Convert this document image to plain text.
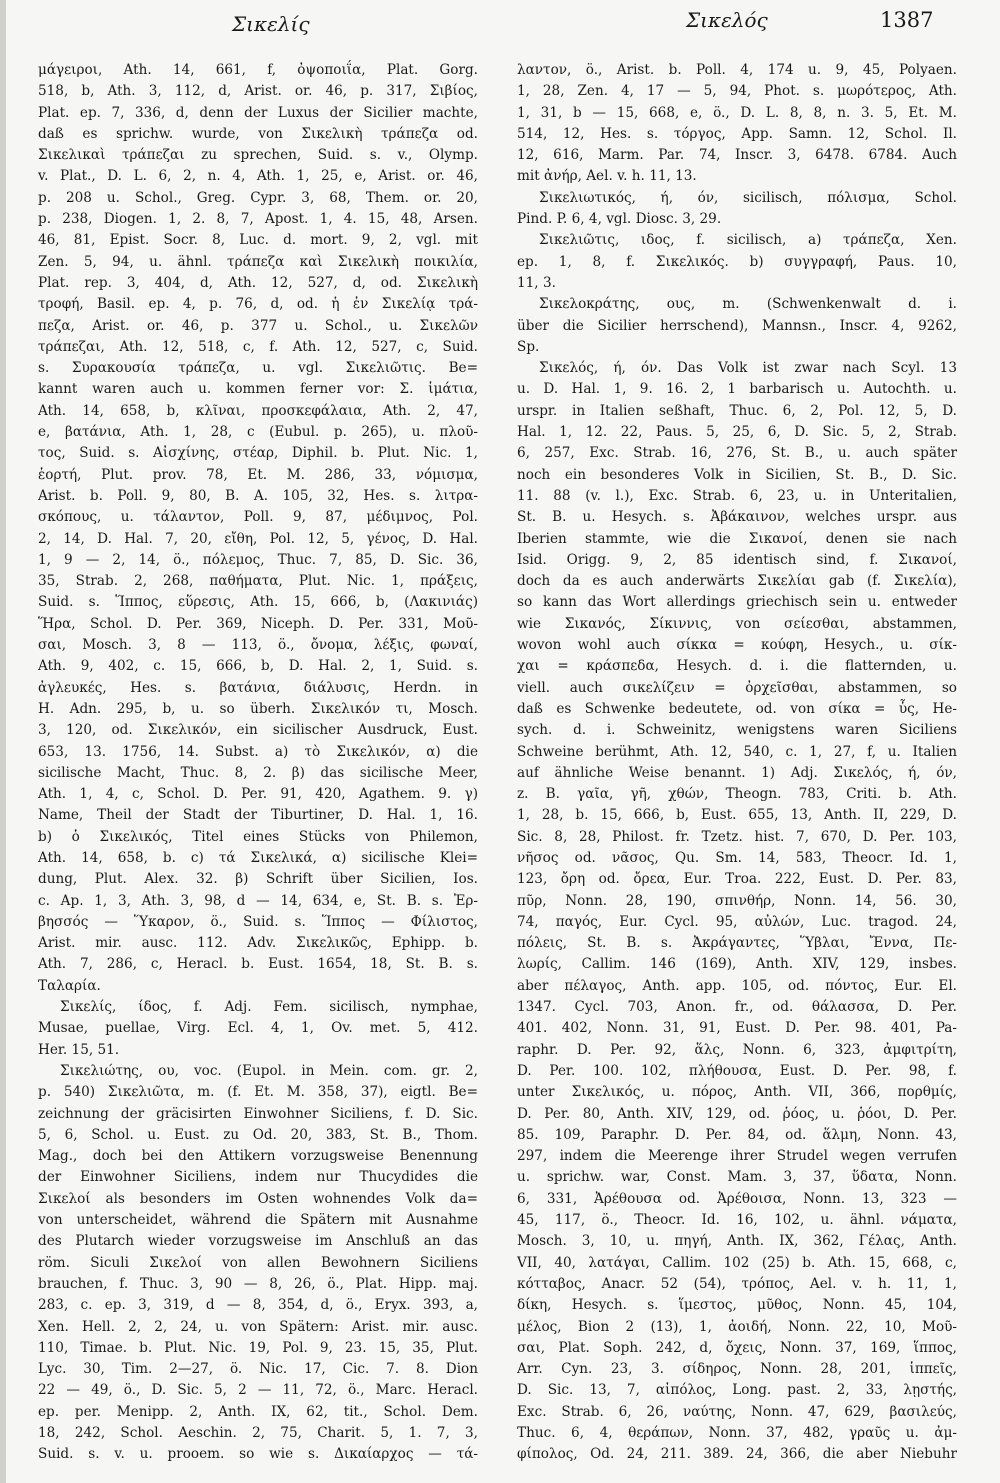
Σικελίς	Σικελός	1387
μάγειροι, Ath. 14, 661, f, ὀψοποιΐα, Plat. Gorg.
518, b, Ath. 3, 112, d, Arist. or. 46, p. 317, Σιβίος,
Plat. ep. 7, 336, d, denn der Luxus der Sicilier machte,
daß es sprichw. wurde, von Σικελικὴ τράπεζα od.
Σικελικαὶ τράπεζαι zu sprechen, Suid. s. v., Olymp.
v. Plat., D. L. 6, 2, n. 4, Ath. 1, 25, e, Arist. or. 46,
p. 208 u. Schol., Greg. Cypr. 3, 68, Them. or. 20,
p. 238, Diogen. 1, 2. 8, 7, Apost. 1, 4. 15, 48, Arsen.
46, 81, Epist. Socr. 8, Luc. d. mort. 9, 2, vgl. mit
Zen. 5, 94, u. ähnl. τράπεζα καὶ Σικελικὴ ποικιλία,
Plat. rep. 3, 404, d, Ath. 12, 527, d, od. Σικελικὴ
τροφή, Basil. ep. 4, p. 76, d, od. ἡ ἐν Σικελίᾳ τρά-
πεζα, Arist. or. 46, p. 377 u. Schol., u. Σικελῶν
τράπεζαι, Ath. 12, 518, c, f. Ath. 12, 527, c, Suid.
s. Συρακουσία τράπεζα, u. vgl. Σικελιῶτις. Be=
kannt waren auch u. kommen ferner vor: Σ. ἱμάτια,
Ath. 14, 658, b, κλῖναι, προσκεφάλαια, Ath. 2, 47,
e, βατάνια, Ath. 1, 28, c (Eubul. p. 265), u. πλοῦ-
τος, Suid. s. Αἰσχίνης, στέαρ, Diphil. b. Plut. Nic. 1,
ἑορτή, Plut. prov. 78, Et. M. 286, 33, νόμισμα,
Arist. b. Poll. 9, 80, B. A. 105, 32, Hes. s. λιτρα-
σκόπους, u. τάλαντον, Poll. 9, 87, μέδιμνος, Pol.
2, 14, D. Hal. 7, 20, εἴθη, Pol. 12, 5, γένος, D. Hal.
1, 9 — 2, 14, ö., πόλεμος, Thuc. 7, 85, D. Sic. 36,
35, Strab. 2, 268, παθήματα, Plut. Nic. 1, πράξεις,
Suid. s. Ἵππος, εὕρεσις, Ath. 15, 666, b, (Λακινιάς)
Ἥρα, Schol. D. Per. 369, Niceph. D. Per. 331, Μοῦ-
σαι, Mosch. 3, 8 — 113, ö., ὄνομα, λέξις, φωναί,
Ath. 9, 402, c. 15, 666, b, D. Hal. 2, 1, Suid. s.
ἀγλευκές, Hes. s. βατάνια, διάλυσις, Herdn. in
H. Adn. 295, b, u. so überh. Σικελικόν τι, Mosch.
3, 120, od. Σικελικόν, ein sicilischer Ausdruck, Eust.
653, 13. 1756, 14. Subst. a) τὸ Σικελικόν, α) die
sicilische Macht, Thuc. 8, 2. β) das sicilische Meer,
Ath. 1, 4, c, Schol. D. Per. 91, 420, Agathem. 9. γ)
Name, Theil der Stadt der Tiburtiner, D. Hal. 1, 16.
b) ὁ Σικελικός, Titel eines Stücks von Philemon,
Ath. 14, 658, b. c) τά Σικελικά, α) sicilische Klei=
dung, Plut. Alex. 32. β) Schrift über Sicilien, Ios.
c. Ap. 1, 3, Ath. 3, 98, d — 14, 634, e, St. B. s. Ἐρ-
βησσός — Ὕκαρον, ö., Suid. s. Ἵππος — Φίλιστος,
Arist. mir. ausc. 112. Adv. Σικελικῶς, Ephipp. b.
Ath. 7, 286, c, Heracl. b. Eust. 1654, 18, St. B. s.
Ταλαρία.
Σικελίς, ίδος, f. Adj. Fem. sicilisch, nymphae,
Musae, puellae, Virg. Ecl. 4, 1, Ov. met. 5, 412.
Her. 15, 51.
Σικελιώτης, ου, voc. (Eupol. in Mein. com. gr. 2,
p. 540) Σικελιῶτα, m. (f. Et. M. 358, 37), eigtl. Be=
zeichnung der gräcisirten Einwohner Siciliens, f. D. Sic.
5, 6, Schol. u. Eust. zu Od. 20, 383, St. B., Thom.
Mag., doch bei den Attikern vorzugsweise Benennung
der Einwohner Siciliens, indem nur Thucydides die
Σικελοί als besonders im Osten wohnendes Volk da=
von unterscheidet, während die Spätern mit Ausnahme
des Plutarch wieder vorzugsweise im Anschluß an das
röm. Siculi Σικελοί von allen Bewohnern Siciliens
brauchen, f. Thuc. 3, 90 — 8, 26, ö., Plat. Hipp. maj.
283, c. ep. 3, 319, d — 8, 354, d, ö., Eryx. 393, a,
Xen. Hell. 2, 2, 24, u. von Spätern: Arist. mir. ausc.
110, Timae. b. Plut. Nic. 19, Pol. 9, 23. 15, 35, Plut.
Lyc. 30, Tim. 2—27, ö. Nic. 17, Cic. 7. 8. Dion
22 — 49, ö., D. Sic. 5, 2 — 11, 72, ö., Marc. Heracl.
ep. per. Menipp. 2, Anth. IX, 62, tit., Schol. Dem.
18, 242, Schol. Aeschin. 2, 75, Charit. 5, 1. 7, 3,
Suid. s. v. u. prooem. so wie s. Δικαίαρχος — τά-
λαντον, ö., Arist. b. Poll. 4, 174 u. 9, 45, Polyaen.
1, 28, Zen. 4, 17 — 5, 94, Phot. s. μωρότερος, Ath.
1, 31, b — 15, 668, e, ö., D. L. 8, 8, n. 3. 5, Et. M.
514, 12, Hes. s. τόργος, App. Samn. 12, Schol. Il.
12, 616, Marm. Par. 74, Inscr. 3, 6478. 6784. Auch
mit ἀνήρ, Ael. v. h. 11, 13.
Σικελιωτικός, ή, όν, sicilisch, πόλισμα, Schol.
Pind. P. 6, 4, vgl. Diosc. 3, 29.
Σικελιῶτις, ιδος, f. sicilisch, a) τράπεζα, Xen.
ep. 1, 8, f. Σικελικός. b) συγγραφή, Paus. 10,
11, 3.
Σικελοκράτης, ους, m. (Schwenkenwalt d. i.
über die Sicilier herrschend), Mannsn., Inscr. 4, 9262,
Sp.
Σικελός, ή, όν. Das Volk ist zwar nach Scyl. 13
u. D. Hal. 1, 9. 16. 2, 1 barbarisch u. Autochth. u.
urspr. in Italien seßhaft, Thuc. 6, 2, Pol. 12, 5, D.
Hal. 1, 12. 22, Paus. 5, 25, 6, D. Sic. 5, 2, Strab.
6, 257, Exc. Strab. 16, 276, St. B., u. auch später
noch ein besonderes Volk in Sicilien, St. B., D. Sic.
11. 88 (v. l.), Exc. Strab. 6, 23, u. in Unteritalien,
St. B. u. Hesych. s. Ἀβάκαινον, welches urspr. aus
Iberien stammte, wie die Σικανοί, denen sie nach
Isid. Origg. 9, 2, 85 identisch sind, f. Σικανοί,
doch da es auch anderwärts Σικελίαι gab (f. Σικελία),
so kann das Wort allerdings griechisch sein u. entweder
wie Σικανός, Σίκιννις, von σείεσθαι, abstammen,
wovon wohl auch σίκκα = κούφη, Hesych., u. σίκ-
χαι = κράσπεδα, Hesych. d. i. die flatternden, u.
viell. auch σικελίζειν = ὀρχεῖσθαι, abstammen, so
daß es Schwenke bedeutete, od. von σίκα = ὗς, He-
sych. d. i. Schweinitz, wenigstens waren Siciliens
Schweine berühmt, Ath. 12, 540, c. 1, 27, f, u. Italien
auf ähnliche Weise benannt. 1) Adj. Σικελός, ή, όν,
z. B. γαῖα, γῆ, χθών, Theogn. 783, Criti. b. Ath.
1, 28, b. 15, 666, b, Eust. 655, 13, Anth. II, 229, D.
Sic. 8, 28, Philost. fr. Tzetz. hist. 7, 670, D. Per. 103,
νῆσος od. νᾶσος, Qu. Sm. 14, 583, Theocr. Id. 1,
123, ὄρη od. ὄρεα, Eur. Troa. 222, Eust. D. Per. 83,
πῦρ, Nonn. 28, 190, σπινθήρ, Nonn. 14, 56. 30,
74, παγός, Eur. Cycl. 95, αὐλών, Luc. tragod. 24,
πόλεις, St. B. s. Ἀκράγαντες, Ὕβλαι, Ἔννα, Πε-
λωρίς, Callim. 146 (169), Anth. XIV, 129, insbes.
aber πέλαγος, Anth. app. 105, od. πόντος, Eur. El.
1347. Cycl. 703, Anon. fr., od. θάλασσα, D. Per.
401. 402, Nonn. 31, 91, Eust. D. Per. 98. 401, Pa-
raphr. D. Per. 92, ἅλς, Nonn. 6, 323, ἀμφιτρίτη,
D. Per. 100. 102, πλήθουσα, Eust. D. Per. 98, f.
unter Σικελικός, u. πόρος, Anth. VII, 366, πορθμίς,
D. Per. 80, Anth. XIV, 129, od. ῥόος, u. ῥόοι, D. Per.
85. 109, Paraphr. D. Per. 84, od. ἅλμη, Nonn. 43,
297, indem die Meerenge ihrer Strudel wegen verrufen
u. sprichw. war, Const. Mam. 3, 37, ὕδατα, Nonn.
6, 331, Ἀρέθουσα od. Ἀρέθοισα, Nonn. 13, 323 —
45, 117, ö., Theocr. Id. 16, 102, u. ähnl. νάματα,
Mosch. 3, 10, u. πηγή, Anth. IX, 362, Γέλας, Anth.
VII, 40, λατάγαι, Callim. 102 (25) b. Ath. 15, 668, c,
κότταβος, Anacr. 52 (54), τρόπος, Ael. v. h. 11, 1,
δίκη, Hesych. s. ἵμεστος, μῦθος, Nonn. 45, 104,
μέλος, Bion 2 (13), 1, ἀοιδή, Nonn. 22, 10, Μοῦ-
σαι, Plat. Soph. 242, d, ὄχεις, Nonn. 37, 169, ἵππος,
Arr. Cyn. 23, 3. σίδηρος, Nonn. 28, 201, ἱππεῖς,
D. Sic. 13, 7, αἰπόλος, Long. past. 2, 33, λῃστής,
Exc. Strab. 6, 26, ναύτης, Nonn. 47, 629, βασιλεύς,
Thuc. 6, 4, θεράπων, Nonn. 37, 482, γραῦς u. ἀμ-
φίπολος, Od. 24, 211. 389. 24, 366, die aber Niebuhr
